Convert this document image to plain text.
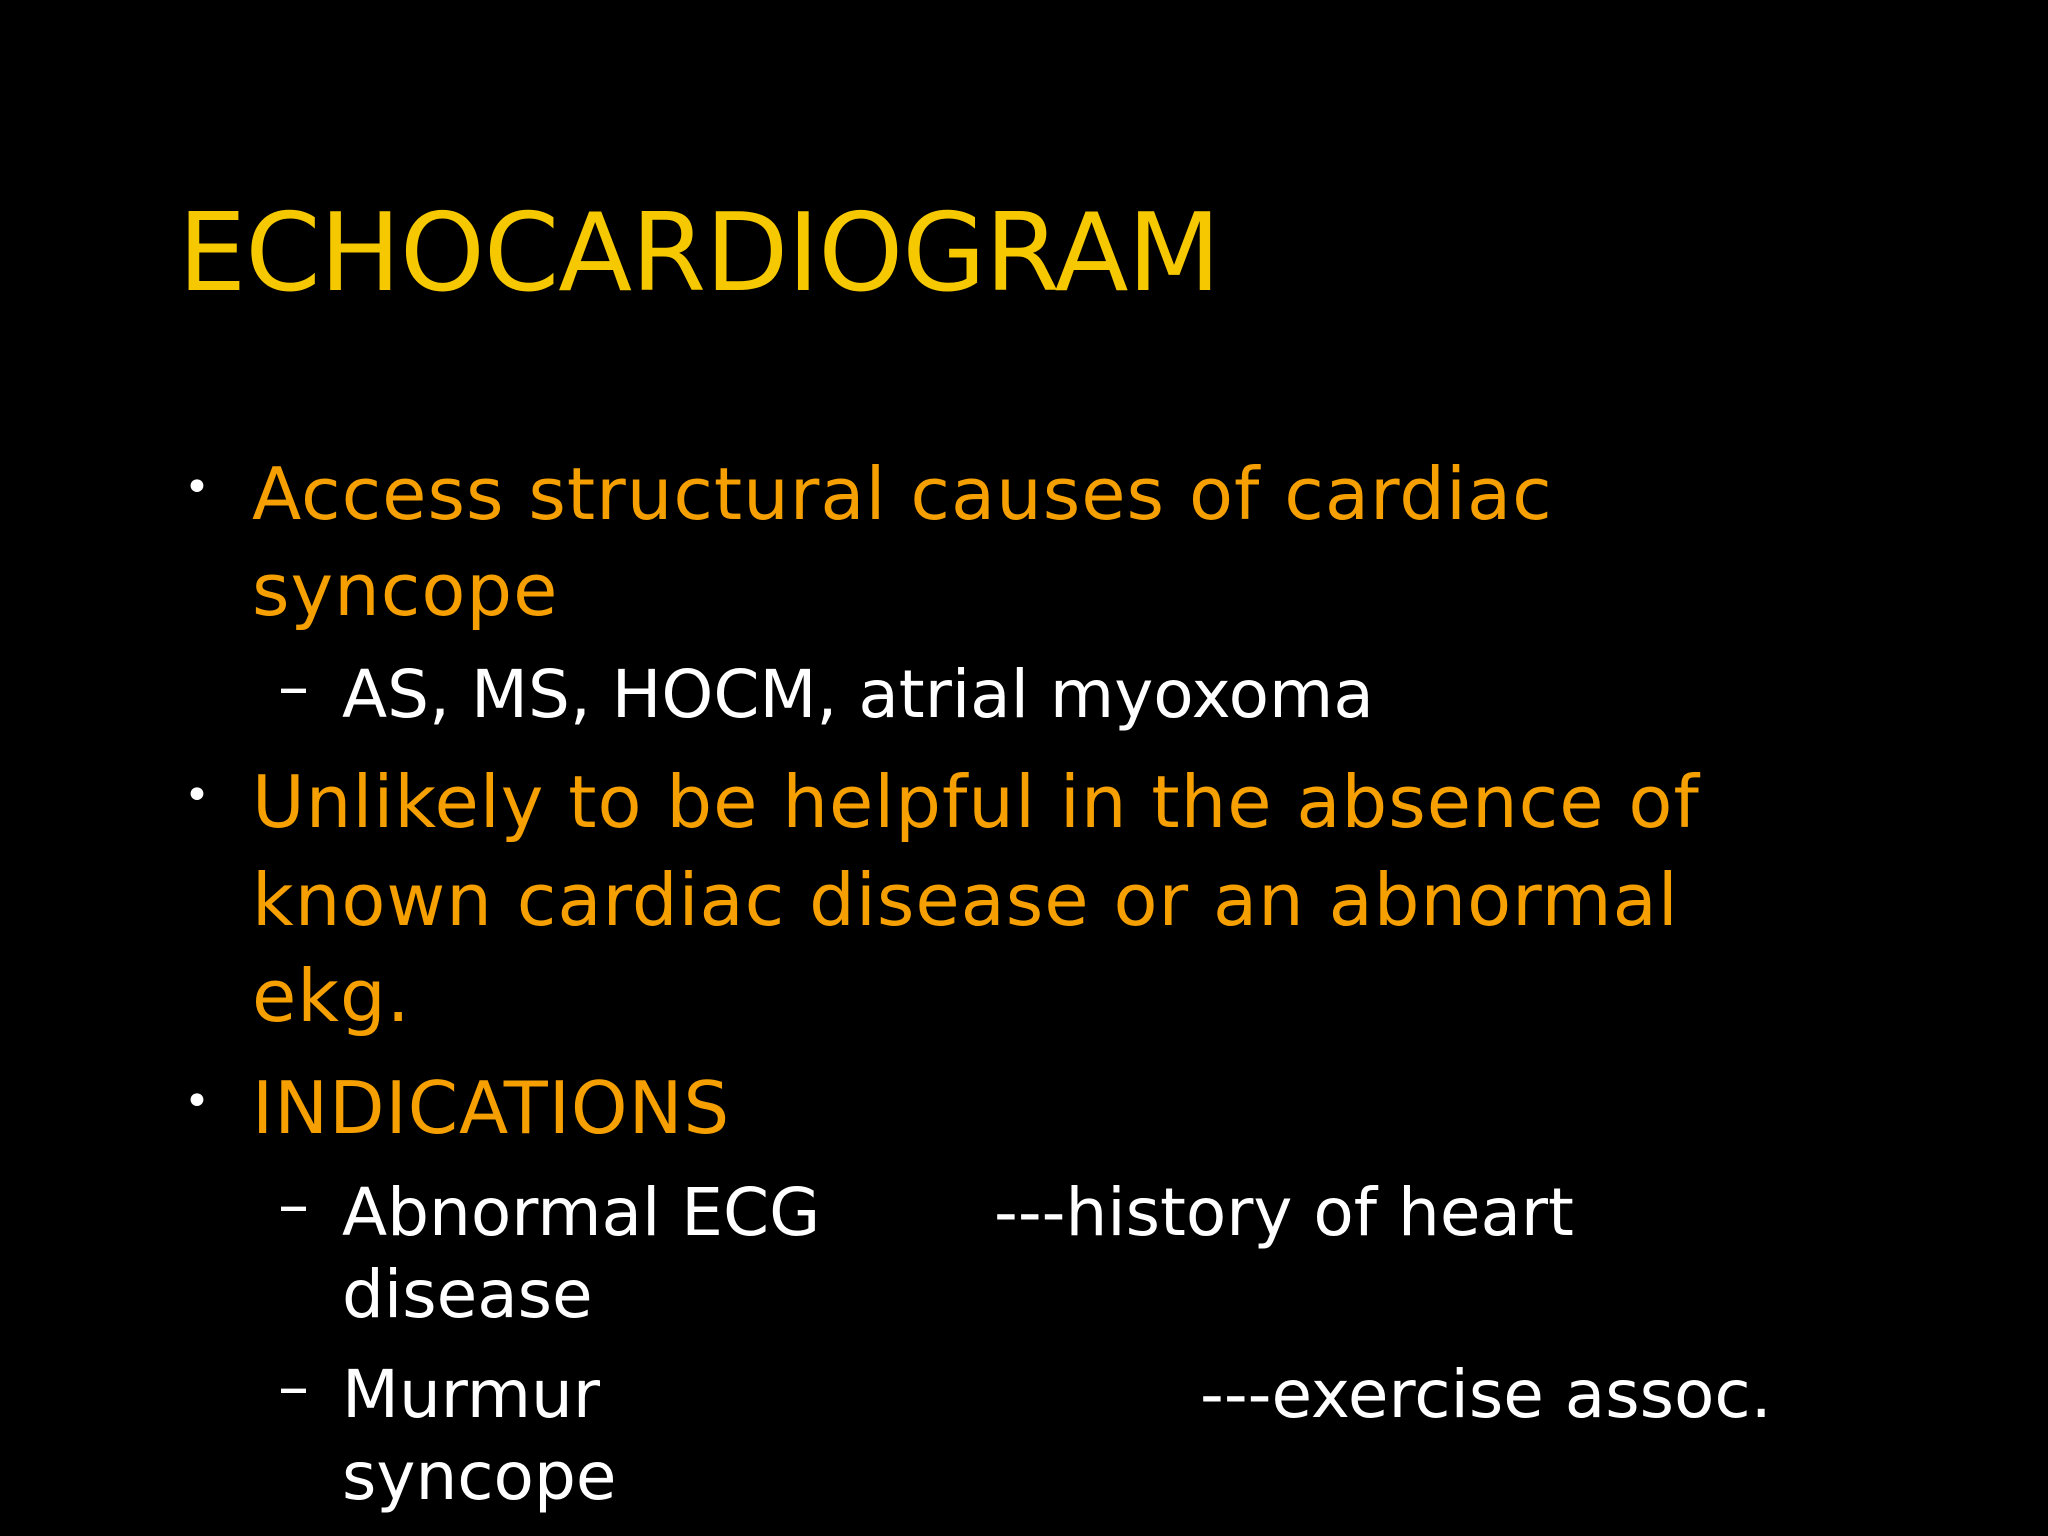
ECHOCARDIOGRAM
• Access structural causes of cardiac
syncope
– AS, MS, HOCM, atrial myoxoma
• Unlikely to be helpful in the absence of
known cardiac disease or an abnormal
ekg.
• INDICATIONS
– Abnormal ECG	---history of heart
disease
– Murmur	---exercise assoc.
syncope
